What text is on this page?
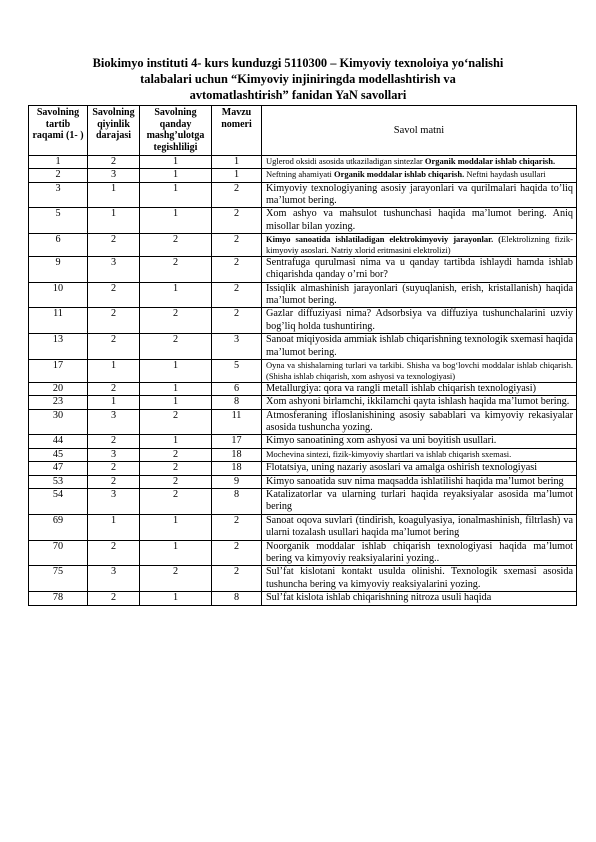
Biokimyo instituti 4- kurs kunduzgi 5110300 – Kimyoviy texnoloiya yo‘nalishi
talabalari uchun “Kimyoviy injiniringda modellashtirish va
avtomatlashtirish” fanidan YaN savollari
Savolning tartib raqami (1- )	Savolning qiyinlik darajasi	Savolning qanday mashg’ulotga tegishliligi	Mavzu nomeri	Savol matni
1	2	1	1	Uglerod oksidi asosida utkaziladigan sintezlar Organik moddalar ishlab chiqarish.
2	3	1	1	Neftning ahamiyati Organik moddalar ishlab chiqarish. Neftni haydash usullari
3	1	1	2	Kimyoviy texnologiyaning asosiy jarayonlari va qurilmalari haqida to’liq ma’lumot bering.
5	1	1	2	Xom ashyo va mahsulot tushunchasi haqida ma’lumot bering. Aniq misollar bilan yozing.
6	2	2	2	Kimyo sanoatida ishlatiladigan elektrokimyoviy jarayonlar. (Elektrolizning fizik-kimyoviy asoslari. Natriy xlorid eritmasini elektrolizi)
9	3	2	2	Sentrafuga qurulmasi nima va u qanday tartibda ishlaydi hamda ishlab chiqarishda qanday o’rni bor?
10	2	1	2	Issiqlik almashinish jarayonlari (suyuqlanish, erish, kristallanish) haqida ma’lumot bering.
11	2	2	2	Gazlar diffuziyasi nima? Adsorbsiya va diffuziya tushunchalarini uzviy bog’liq holda tushuntiring.
13	2	2	3	Sanoat miqiyosida ammiak ishlab chiqarishning texnologik sxemasi haqida ma’lumot bering.
17	1	1	5	Oyna va shishalarning turlari va tarkibi. Shisha va bog‘lovchi moddalar ishlab chiqarish.(Shisha ishlab chiqarish, xom ashyosi va texnologiyasi)
20	2	1	6	Metallurgiya: qora va rangli metall ishlab chiqarish texnologiyasi)
23	1	1	8	Xom ashyoni birlamchi, ikkilamchi qayta ishlash haqida ma’lumot bering.
30	3	2	11	Atmosferaning ifloslanishining asosiy sabablari va kimyoviy rekasiyalar asosida tushuncha yozing.
44	2	1	17	Kimyo sanoatining xom ashyosi va uni boyitish usullari.
45	3	2	18	Mochevina sintezi, fizik-kimyoviy shartlari va ishlab chiqarish sxemasi.
47	2	2	18	Flotatsiya, uning nazariy asoslari va amalga oshirish texnologiyasi
53	2	2	9	Kimyo sanoatida suv nima maqsadda ishlatilishi haqida ma’lumot bering
54	3	2	8	Katalizatorlar va ularning turlari haqida reyaksiyalar asosida ma’lumot bering
69	1	1	2	Sanoat oqova suvlari (tindirish, koagulyasiya, ionalmashinish, filtrlash) va ularni tozalash usullari haqida ma’lumot bering
70	2	1	2	Noorganik moddalar ishlab chiqarish texnologiyasi haqida ma’lumot bering va kimyoviy reaksiyalarini yozing..
75	3	2	2	Sul’fat kislotani kontakt usulda olinishi. Texnologik sxemasi asosida tushuncha bering va kimyoviy reaksiyalarini yozing.
78	2	1	8	Sul’fat kislota ishlab chiqarishning nitroza usuli haqida
